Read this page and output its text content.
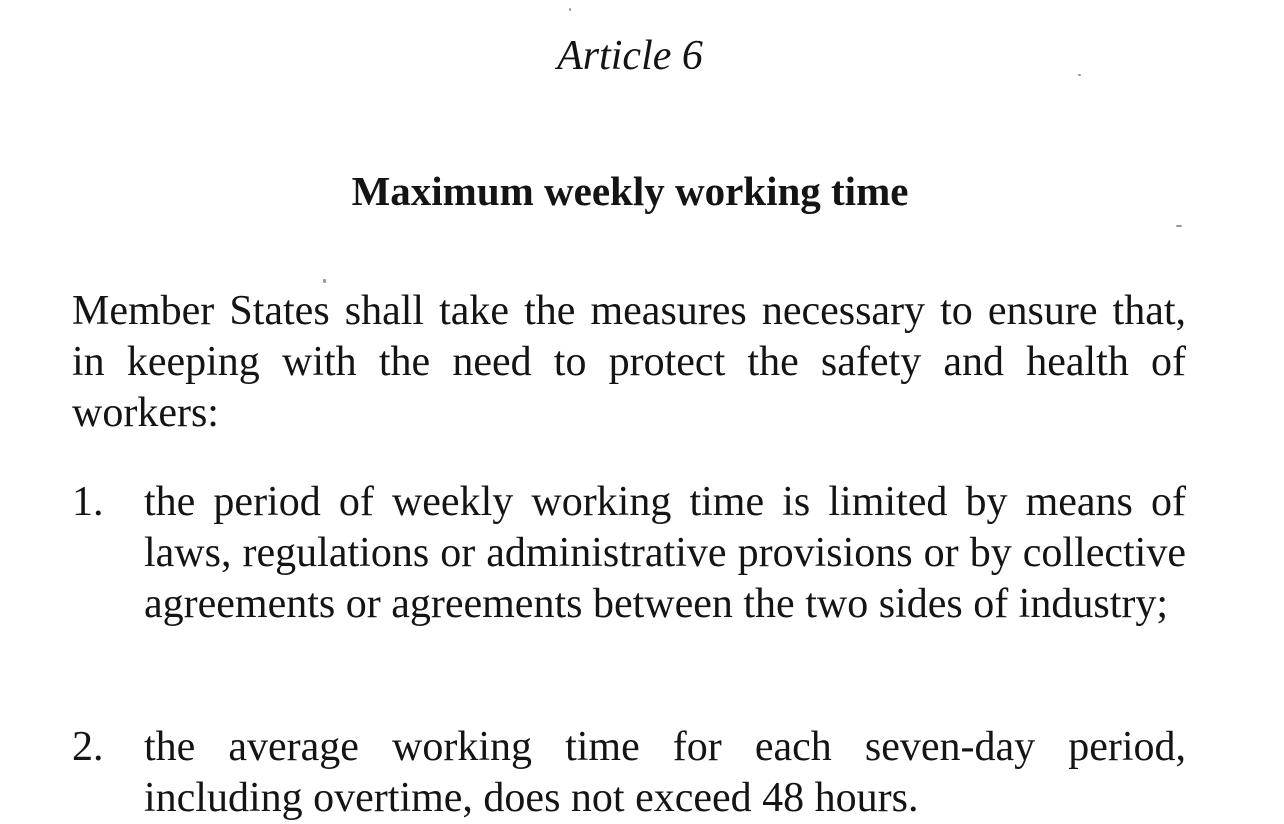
Article 6
Maximum weekly working time
Member States shall take the measures necessary to ensure that, in keeping with the need to protect the safety and health of workers:
1. the period of weekly working time is limited by means of laws, regulations or administrative provisions or by collective agreements or agreements between the two sides of industry;
2. the average working time for each seven-day period, including overtime, does not exceed 48 hours.
